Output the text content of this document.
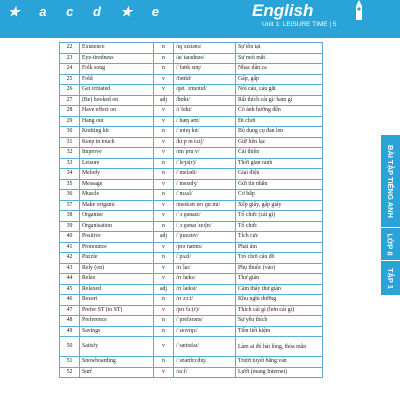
★ a c d ★ e	English
Unit 1: LEISURE TIME | 5
22	Existence	n	/ɪɡˈzɪstəns/	Sự tồn tại
23	Eye-tiredness	n	/aɪˈtaɪədnəs/	Sự mỏi mắt
24	Folk song	n	/ˈfəʊk sɒŋ/	Nhạc dân ca
25	Fold	v	/fəʊld/	Gấp, gấp
26	Get irritated	v	/ɡet ˈɪrɪteɪtɪd/	Nổi cáu, cáu gắt
27	(Be) hooked on	adj	/hʊkt/	Rất thích cái gì/ ham gì
28	Have effect on	v	/ɪˈfekt/	Có ảnh hưởng đến
29	Hang out	v	/ˈhæŋ aʊt/	Đi chơi
30	Knitting kit	n	/ˈnɪtɪŋ kɪt/	Bộ dụng cụ đan len
31	Keep in touch	v	/kiːp ɪn tʌtʃ/	Giữ liên lạc
32	Improve	v	/ɪmˈpruːv/	Cải thiện
33	Leisure	n	/ˈleʒə(r)/	Thời gian rảnh
34	Melody	n	/ˈmelədi/	Giai điệu
35	Message	v	/ˈmesɪdʒ/	Gửi tin nhắn
36	Muscle	n	/ˈmʌsl/	Cơ bắp
37	Make origami	v	/meɪkəʊ ɒrɪˈɡɑːmi/	Xếp giấy, gấp giấy
38	Organise	v	/ˈɔːɡənaɪz/	Tổ chức (cái gì)
39	Organisation	n	/ˌɔːɡənaɪˈzeɪʃn/	Tổ chức
40	Positive	adj	/ˈpɒzətɪv/	Tích cực
41	Pronounce	v	/prəˈnaʊns/	Phát âm
42	Puzzle	n	/ˈpʌzl/	Trò chơi câu đố
43	Rely (on)	v	/rɪˈlaɪ/	Phụ thuộc (vào)
44	Relax	v	/rɪˈlæks/	Thư giãn
45	Relaxed	adj	/rɪˈlækst/	Cảm thấy thư giãn
46	Resort	n	/rɪˈzɔːt/	Khu nghỉ dưỡng
47	Prefer ST (to ST)	v	/prɪˈfɜː(r)/	Thích cái gì (hơn cái gì)
48	Preference	n	/ˈprefərəns/	Sự yêu thích
49	Savings	n	/ˈseɪvɪŋz/	Tiền tiết kiệm
50	Satisfy	v	/ˈsætɪsfaɪ/	Làm ai đó hài lòng, thỏa mãn
51	Snowboarding	n	/ˈsnəʊbɔːdɪŋ/	Trượt tuyết bằng ván
52	Surf	v	/sɜːf/	Lướt (mang Internet)
BÀI TẬP TIẾNG ANH
LỚP 8
TẬP 1
